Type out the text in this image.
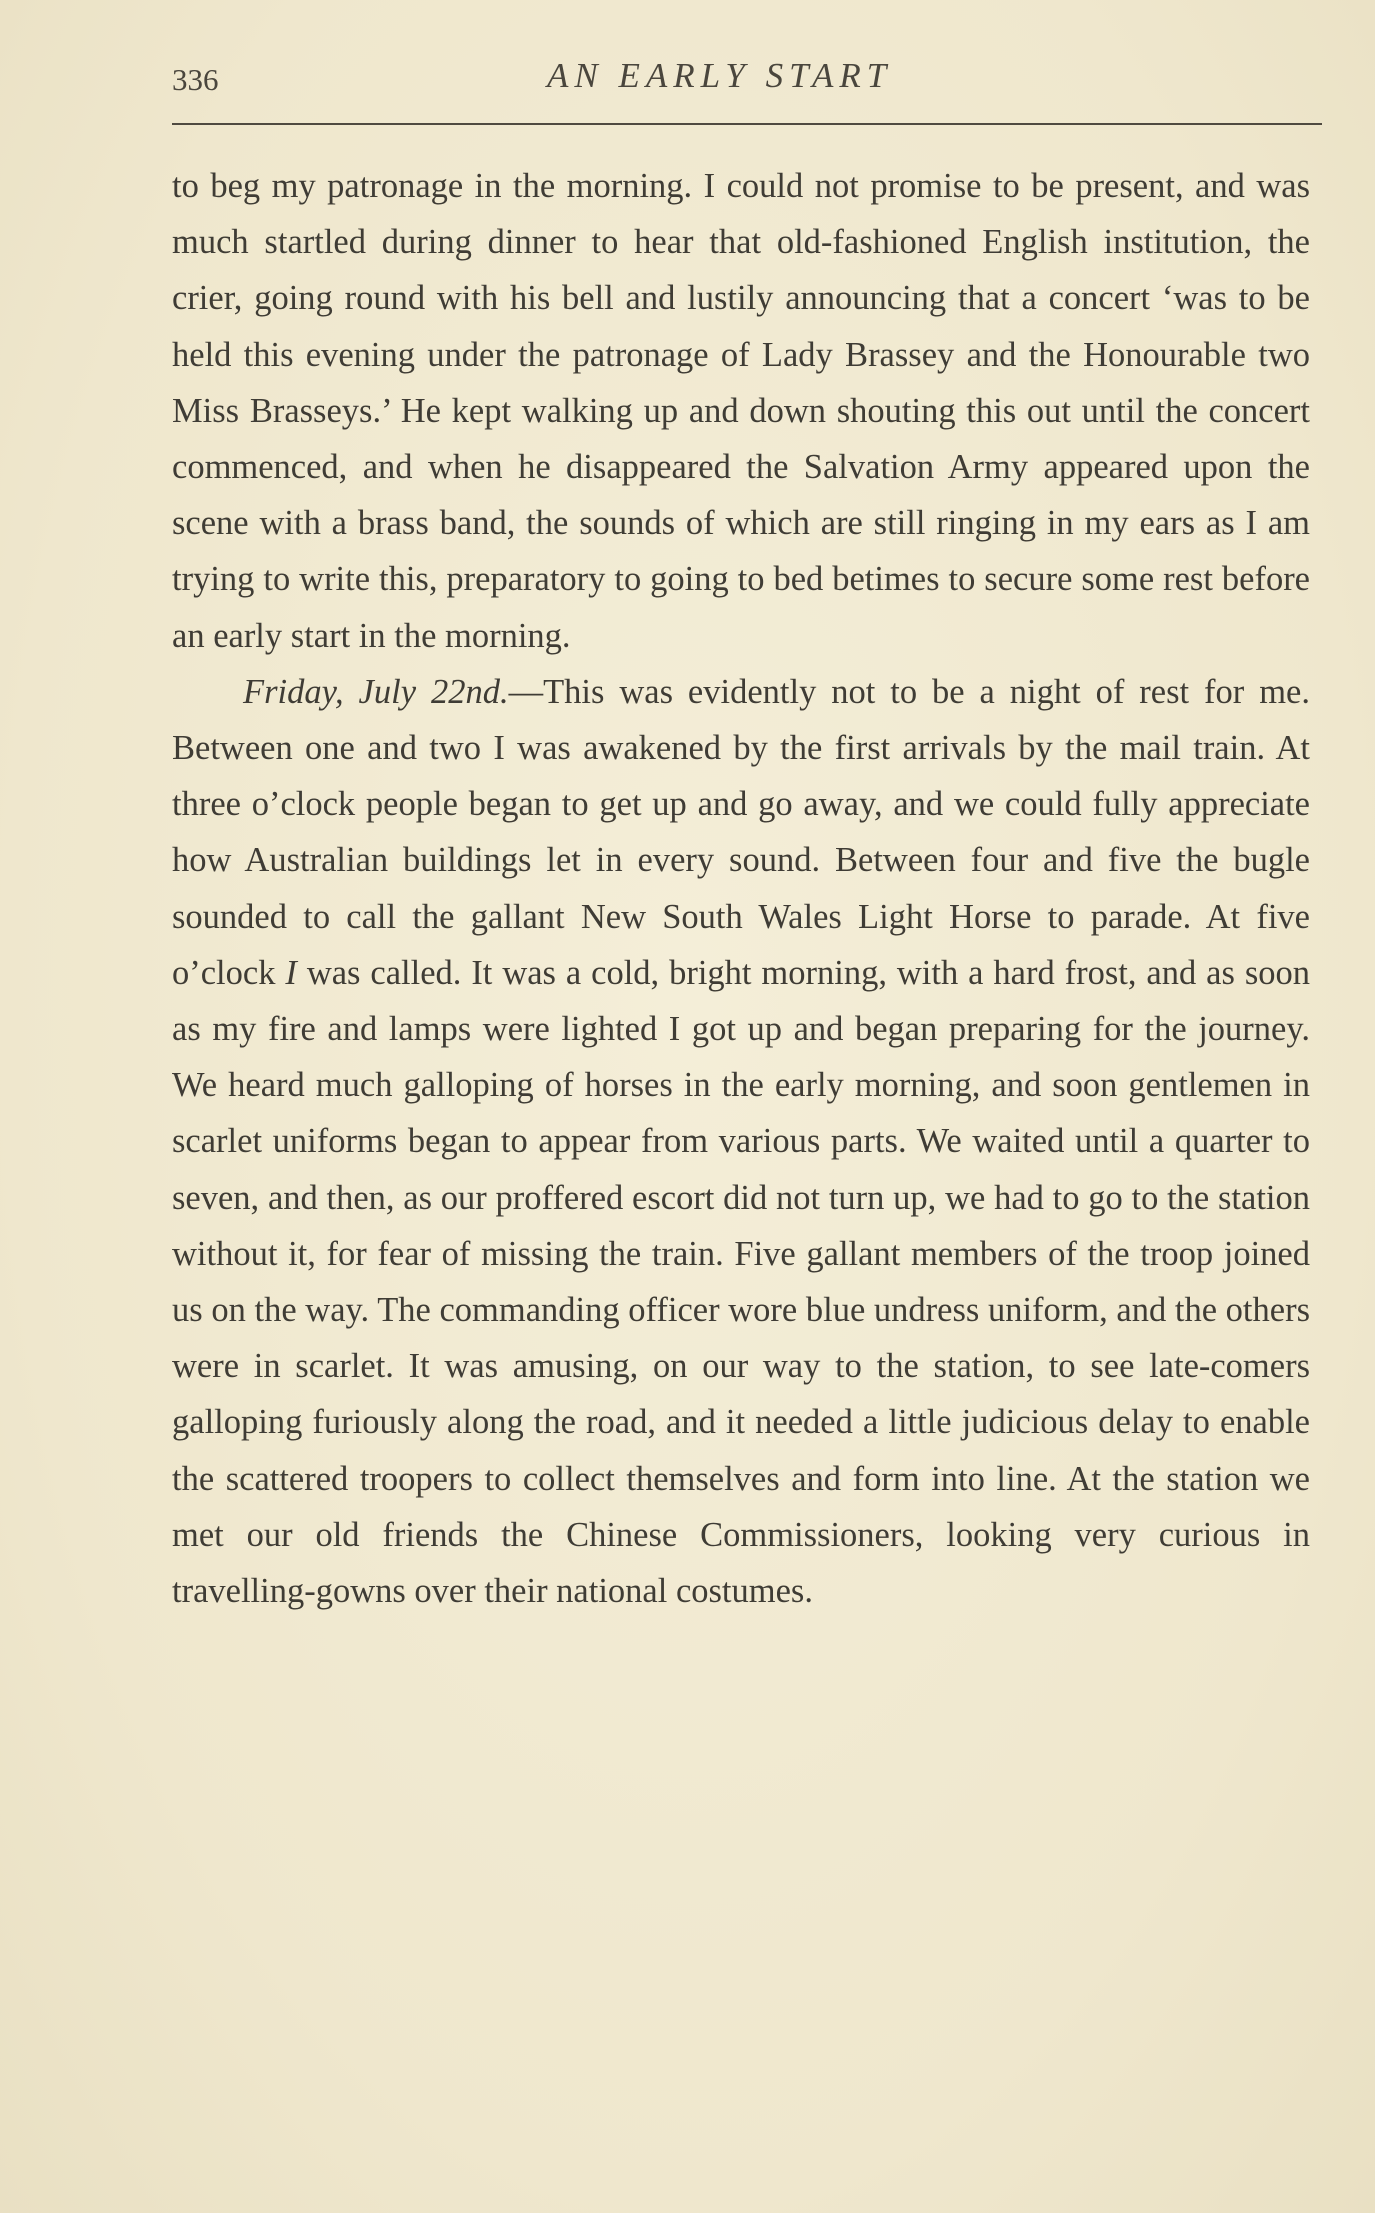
336	AN EARLY START

to beg my patronage in the morning. I could not promise to be present, and was much startled during dinner to hear that old-fashioned English institution, the crier, going round with his bell and lustily announcing that a concert ‘was to be held this evening under the patronage of Lady Brassey and the Honourable two Miss Brasseys.’ He kept walking up and down shouting this out until the concert commenced, and when he disappeared the Salvation Army appeared upon the scene with a brass band, the sounds of which are still ringing in my ears as I am trying to write this, preparatory to going to bed betimes to secure some rest before an early start in the morning.

Friday, July 22nd.—This was evidently not to be a night of rest for me. Between one and two I was awakened by the first arrivals by the mail train. At three o’clock people began to get up and go away, and we could fully appreciate how Australian buildings let in every sound. Between four and five the bugle sounded to call the gallant New South Wales Light Horse to parade. At five o’clock I was called. It was a cold, bright morning, with a hard frost, and as soon as my fire and lamps were lighted I got up and began preparing for the journey. We heard much galloping of horses in the early morning, and soon gentlemen in scarlet uniforms began to appear from various parts. We waited until a quarter to seven, and then, as our proffered escort did not turn up, we had to go to the station without it, for fear of missing the train. Five gallant members of the troop joined us on the way. The commanding officer wore blue undress uniform, and the others were in scarlet. It was amusing, on our way to the station, to see late-comers galloping furiously along the road, and it needed a little judicious delay to enable the scattered troopers to collect themselves and form into line. At the station we met our old friends the Chinese Commissioners, looking very curious in travelling-gowns over their national costumes.
